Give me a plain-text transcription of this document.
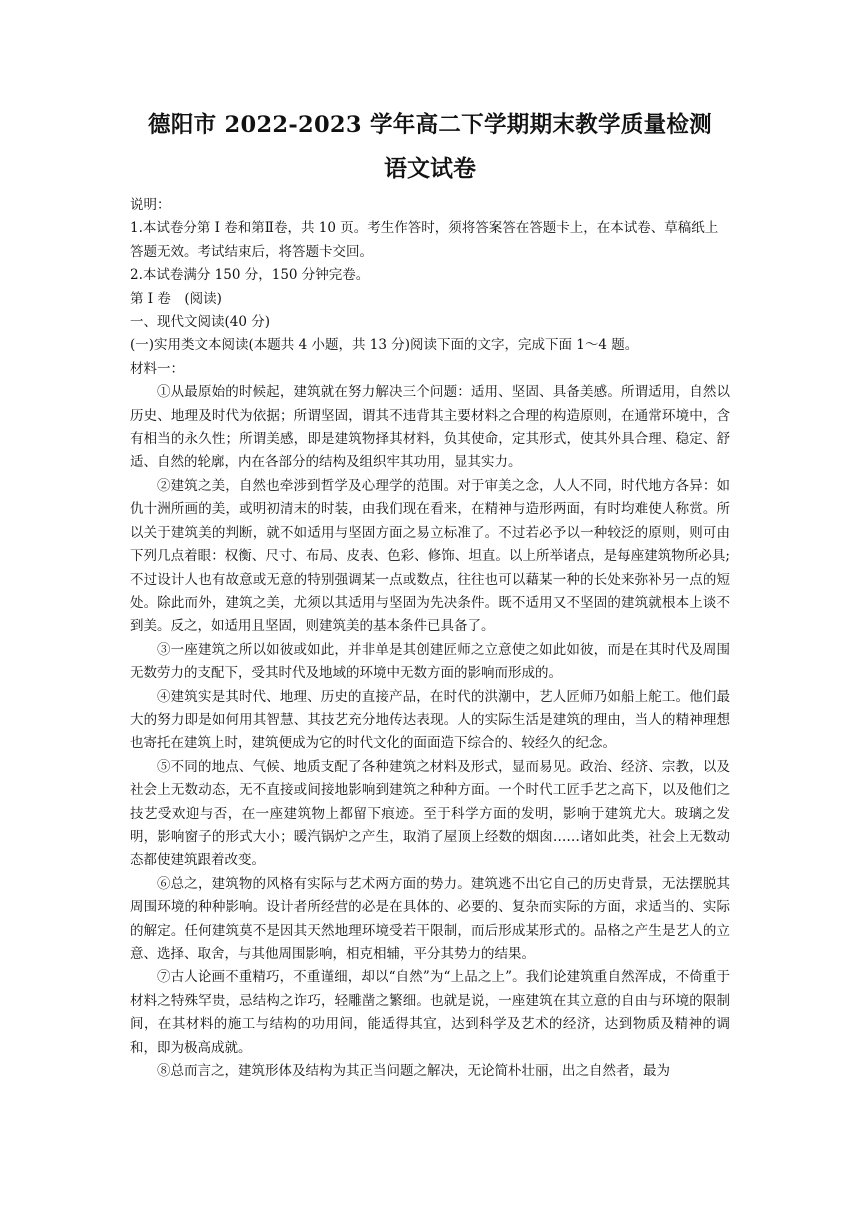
德阳市 2022-2023 学年高二下学期期末教学质量检测
语文试卷

说明：

1.本试卷分第 I 卷和第Ⅱ卷，共 10 页。考生作答时，须将答案答在答题卡上，在本试卷、草稿纸上答题无效。考试结束后，将答题卡交回。

2.本试卷满分 150 分，150 分钟完卷。

第 I 卷　(阅读)

一、现代文阅读(40 分)

(一)实用类文本阅读(本题共 4 小题，共 13 分)阅读下面的文字，完成下面 1～4 题。

材料一：

①从最原始的时候起，建筑就在努力解决三个问题：适用、坚固、具备美感。所谓适用，自然以历史、地理及时代为依据；所谓坚固，谓其不违背其主要材料之合理的构造原则，在通常环境中，含有相当的永久性；所谓美感，即是建筑物择其材料，负其使命，定其形式，使其外具合理、稳定、舒适、自然的轮廓，内在各部分的结构及组织牢其功用，显其实力。

②建筑之美，自然也牵涉到哲学及心理学的范围。对于审美之念，人人不同，时代地方各异：如仇十洲所画的美，或明初清末的时装，由我们现在看来，在精神与造形两面，有时均难使人称赏。所以关于建筑美的判断，就不如适用与坚固方面之易立标准了。不过若必予以一种较泛的原则，则可由下列几点着眼：权衡、尺寸、布局、皮表、色彩、修饰、坦直。以上所举诸点，是每座建筑物所必具;不过设计人也有故意或无意的特别强调某一点或数点，往往也可以藉某一种的长处来弥补另一点的短处。除此而外，建筑之美，尤须以其适用与坚固为先决条件。既不适用又不坚固的建筑就根本上谈不到美。反之，如适用且坚固，则建筑美的基本条件已具备了。

③一座建筑之所以如彼或如此，并非单是其创建匠师之立意使之如此如彼，而是在其时代及周围无数劳力的支配下，受其时代及地域的环境中无数方面的影响而形成的。

④建筑实是其时代、地理、历史的直接产品，在时代的洪潮中，艺人匠师乃如船上舵工。他们最大的努力即是如何用其智慧、其技艺充分地传达表现。人的实际生活是建筑的理由，当人的精神理想也寄托在建筑上时，建筑便成为它的时代文化的面面造下综合的、较经久的纪念。

⑤不同的地点、气候、地质支配了各种建筑之材料及形式，显而易见。政治、经济、宗教，以及社会上无数动态，无不直接或间接地影响到建筑之种种方面。一个时代工匠手艺之高下，以及他们之技艺受欢迎与否，在一座建筑物上都留下痕迹。至于科学方面的发明，影响于建筑尤大。玻璃之发明，影响窗子的形式大小；暖汽锅炉之产生，取消了屋顶上经数的烟囱……诸如此类，社会上无数动态都使建筑跟着改变。

⑥总之，建筑物的风格有实际与艺术两方面的势力。建筑逃不出它自己的历史背景，无法摆脱其周围环境的种种影响。设计者所经营的必是在具体的、必要的、复杂而实际的方面，求适当的、实际的解定。任何建筑莫不是因其天然地理环境受若干限制，而后形成某形式的。品格之产生是艺人的立意、选择、取舍，与其他周围影响，相克相辅，平分其势力的结果。

⑦古人论画不重精巧，不重谨细，却以“自然”为“上品之上”。我们论建筑重自然浑成，不倚重于材料之特殊罕贵，忌结构之诈巧，轻雕凿之繁细。也就是说，一座建筑在其立意的自由与环境的限制间，在其材料的施工与结构的功用间，能适得其宜，达到科学及艺术的经济，达到物质及精神的调和，即为极高成就。

⑧总而言之，建筑形体及结构为其正当问题之解决，无论简朴壮丽，出之自然者，最为
